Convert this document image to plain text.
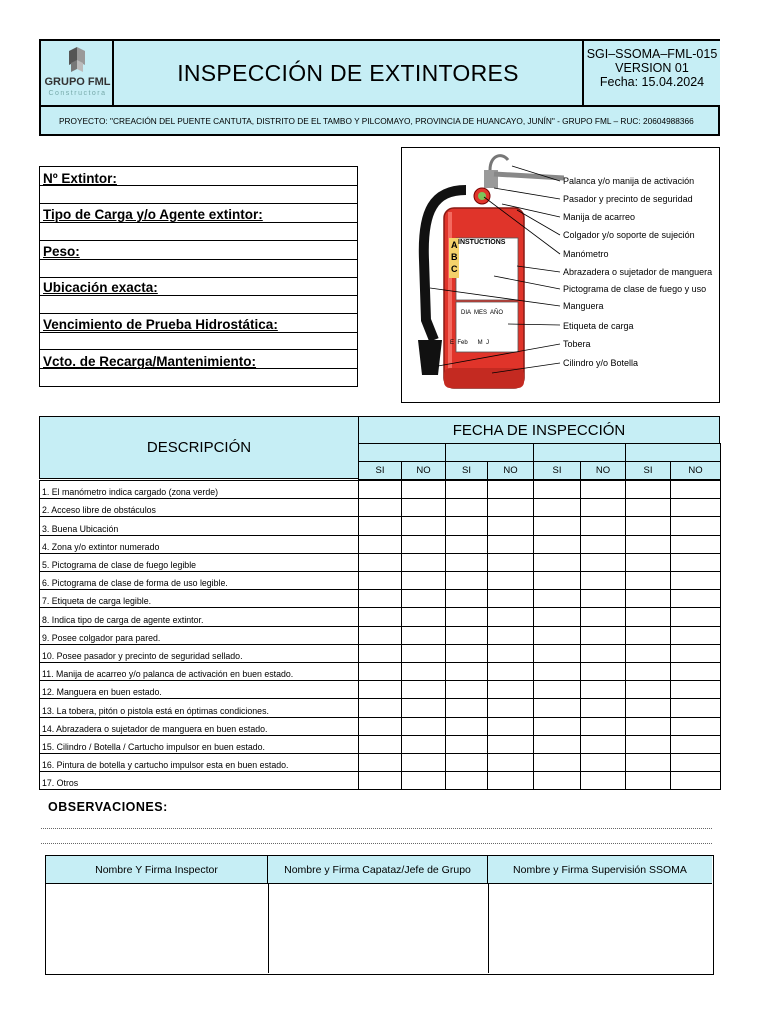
GRUPO FML
Constructora
INSPECCIÓN DE EXTINTORES
SGI–SSOMA–FML-015
VERSION 01
Fecha: 15.04.2024
PROYECTO: "CREACIÓN DEL PUENTE CANTUTA, DISTRITO DE EL TAMBO Y PILCOMAYO, PROVINCIA DE HUANCAYO, JUNÍN" - GRUPO FML – RUC: 20604988366
Nº Extintor:
Tipo de Carga y/o Agente extintor:
Peso:
Ubicación exacta:
Vencimiento de Prueba Hidrostática:
Vcto. de Recarga/Mantenimiento:
INSTUCTIONS
A
B
C
DIA  MES  AÑO
E  Feb      M  J
Palanca y/o manija de activación
Pasador y precinto de seguridad
Manija de acarreo
Colgador y/o soporte de sujeción
Manómetro
Abrazadera o sujetador de manguera
Pictograma de clase de fuego y uso
Manguera
Etiqueta de carga
Tobera
Cilindro y/o Botella
DESCRIPCIÓN
FECHA DE INSPECCIÓN
SI	NO	SI	NO	SI	NO	SI	NO
1. El manómetro indica cargado (zona verde)
2. Acceso libre de obstáculos
3. Buena Ubicación
4. Zona y/o extintor numerado
5. Pictograma de clase de fuego legible
6. Pictograma de clase de forma de uso legible.
7. Etiqueta de carga legible.
8. Indica tipo de carga de agente extintor.
9. Posee colgador para pared.
10. Posee pasador y precinto de seguridad sellado.
11. Manija de acarreo y/o palanca de activación en buen estado.
12. Manguera en buen estado.
13. La tobera, pitón o pistola está en óptimas condiciones.
14. Abrazadera o sujetador de manguera en buen estado.
15. Cilindro / Botella / Cartucho impulsor en buen estado.
16. Pintura de botella y cartucho impulsor esta en buen estado.
17. Otros
OBSERVACIONES:
Nombre Y Firma Inspector	Nombre y Firma Capataz/Jefe de Grupo	Nombre y Firma Supervisión SSOMA
